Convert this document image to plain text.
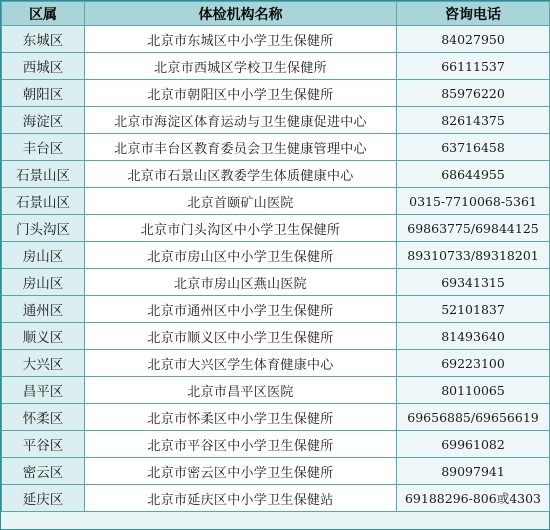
区属	体检机构名称	咨询电话
东城区	北京市东城区中小学卫生保健所	84027950
西城区	北京市西城区学校卫生保健所	66111537
朝阳区	北京市朝阳区中小学卫生保健所	85976220
海淀区	北京市海淀区体育运动与卫生健康促进中心	82614375
丰台区	北京市丰台区教育委员会卫生健康管理中心	63716458
石景山区	北京市石景山区教委学生体质健康中心	68644955
石景山区	北京首颐矿山医院	0315-7710068-5361
门头沟区	北京市门头沟区中小学卫生保健所	69863775/69844125
房山区	北京市房山区中小学卫生保健所	89310733/89318201
房山区	北京市房山区燕山医院	69341315
通州区	北京市通州区中小学卫生保健所	52101837
顺义区	北京市顺义区中小学卫生保健所	81493640
大兴区	北京市大兴区学生体育健康中心	69223100
昌平区	北京市昌平区医院	80110065
怀柔区	北京市怀柔区中小学卫生保健所	69656885/69656619
平谷区	北京市平谷区中小学卫生保健所	69961082
密云区	北京市密云区中小学卫生保健所	89097941
延庆区	北京市延庆区中小学卫生保健站	69188296-806或4303
